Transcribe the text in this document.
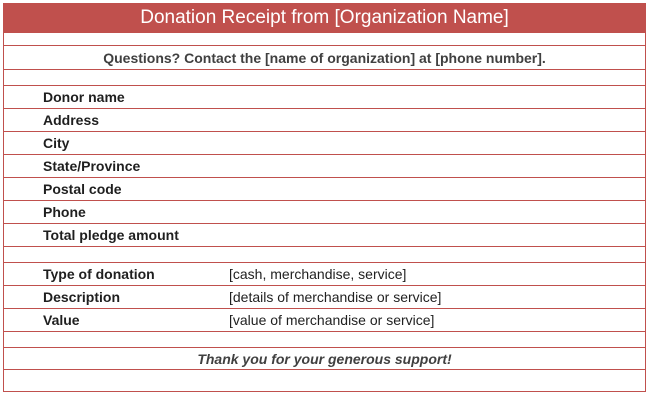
Donation Receipt from [Organization Name]
Questions? Contact the [name of organization] at [phone number].
Donor name
Address
City
State/Province
Postal code
Phone
Total pledge amount
Type of donation	[cash, merchandise, service]
Description	[details of merchandise or service]
Value	[value of merchandise or service]
Thank you for your generous support!
